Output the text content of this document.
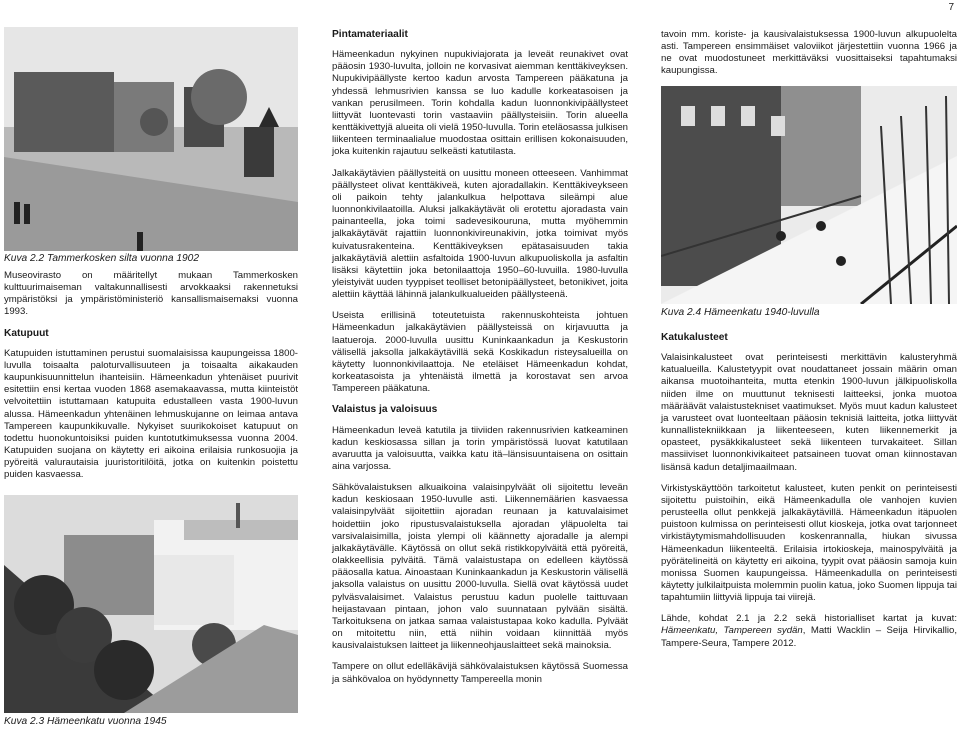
7
Kuva 2.2 Tammerkosken silta vuonna 1902

Museovirasto on määritellyt mukaan Tammerkosken kulttuurimaiseman valtakunnallisesti arvokkaaksi rakennetuksi ympäristöksi ja ympäristöministeriö kansallismaisemaksi vuonna 1993.

Katupuut

Katupuiden istuttaminen perustui suomalaisissa kaupungeissa 1800-luvulla toisaalta paloturvallisuuteen ja toisaalta aikakauden kaupunkisuunnittelun ihanteisiin. Hämeenkadun yhtenäiset puurivit esitettiin ensi kertaa vuoden 1868 asemakaavassa, mutta kiinteistöt velvoitettiin istuttamaan katupuita edustalleen vasta 1900-luvun alussa. Hämeenkadun yhtenäinen lehmuskujanne on leimaa antava Tampereen kaupunkikuvalle. Nykyiset suurikokoiset katupuut on todettu huonokuntoisiksi puiden kuntotutkimuksessa vuonna 2004. Katupuiden suojana on käytetty eri aikoina erilaisia runkosuojia ja pyöreitä valurautaisia juuristoritilöitä, jotka on kuitenkin poistettu puiden kasvaessa.

Kuva 2.3 Hämeenkatu vuonna 1945
Pintamateriaalit

Hämeenkadun nykyinen nupukiviajorata ja leveät reunakivet ovat pääosin 1930-luvulta, jolloin ne korvasivat aiemman kenttäkiveyksen. Nupukivipäällyste kertoo kadun arvosta Tampereen pääkatuna ja yhdessä lehmusrivien kanssa se luo kadulle korkeatasoisen ja vankan perusilmeen. Torin kohdalla kadun luonnonkivipäällysteet liittyvät luontevasti torin vastaaviin päällysteisiin. Torin alueella kenttäkivettyjä alueita oli vielä 1950-luvulla. Torin eteläosassa julkisen liikenteen terminaalialue muodostaa osittain erillisen kokonaisuuden, joka kuitenkin rajautuu selkeästi katutilasta.

Jalkakäytävien päällysteitä on uusittu moneen otteeseen. Vanhimmat päällysteet olivat kenttäkiveä, kuten ajoradallakin. Kenttäkiveykseen oli paikoin tehty jalankulkua helpottava sileämpi alue luonnonkivilaatoilla. Aluksi jalkakäytävät oli erotettu ajoradasta vain painanteella, joka toimi sadevesikouruna, mutta myöhemmin jalkakäytävät rajattiin luonnonkivireunakivin, jotka toimivat myös kuivatusrakenteina. Kenttäkiveyksen epätasaisuuden takia jalkakäytäviä alettiin asfaltoida 1900-luvun alkupuoliskolla ja asfaltin lisäksi käytettiin joka betonilaattoja 1950–60-luvuilla. 1980-luvulla yleistyivät uuden tyyppiset teolliset betonipäällysteet, betonikivet, joita alettiin käyttää lähinnä jalankulkualueiden päällysteenä.

Useista erillisinä toteutetuista rakennuskohteista johtuen Hämeenkadun jalkakäytävien päällysteissä on kirjavuutta ja laatueroja. 2000-luvulla uusittu Kuninkaankadun ja Keskustorin välisellä jaksolla jalkakäytävillä sekä Koskikadun risteysalueilla on käytetty luonnonkivilaattoja. Ne eteläiset Hämeenkadun kohdat, korkeatasoista ja yhtenäistä ilmettä ja korostavat sen arvoa Tampereen pääkatuna.

Valaistus ja valoisuus

Hämeenkadun leveä katutila ja tiiviiden rakennusrivien katkeaminen kadun keskiosassa sillan ja torin ympäristössä luovat katutilaan avaruutta ja valoisuutta, vaikka katu itä–länsisuuntaisena on osittain aina varjossa.

Sähkövalaistuksen alkuaikoina valaisinpylväät oli sijoitettu leveän kadun keskiosaan 1950-luvulle asti. Liikennemäärien kasvaessa valaisinpylväät sijoitettiin ajoradan reunaan ja katuvalaisimet hoidettiin joko ripustusvalaistuksella ajoradan yläpuolelta tai varsivalaisimilla, joista ylempi oli käännetty ajoradalle ja alempi jalkakäytävälle. Käytössä on ollut sekä ristikkopylväitä että pyöreitä, olakkeellisia pylväitä. Tämä valaistustapa on edelleen käytössä pääosalla katua. Ainoastaan Kuninkaankadun ja Keskustorin välisellä jaksolla valaistus on uusittu 2000-luvulla. Siellä ovat käytössä uudet pylväsvalaisimet. Valaistus perustuu kadun puolelle taittuvaan heijastavaan pintaan, johon valo suunnataan pylvään sisältä. Tarkoituksena on jatkaa samaa valaistustapaa koko kadulla. Pylväät on mitoitettu niin, että niihin voidaan kiinnittää myös kausivalaistuksen laitteet ja liikenneohjauslaitteet sekä mainoksia.

Tampere on ollut edelläkävijä sähkövalaistuksen käytössä Suomessa ja sähkövaloa on hyödynnetty Tampereella monin

tavoin mm. koriste- ja kausivalaistuksessa 1900-luvun alkupuolelta asti. Tampereen ensimmäiset valoviikot järjestettiin vuonna 1966 ja ne ovat muodostuneet merkittäväksi vuosittaiseksi tapahtumaksi kaupungissa.

Kuva 2.4 Hämeenkatu 1940-luvulla
Katukalusteet

Valaisinkalusteet ovat perinteisesti merkittävin kalusteryhmä katualueilla. Kalustetyypit ovat noudattaneet jossain määrin oman aikansa muotoihanteita, mutta etenkin 1900-luvun jälkipuoliskolla niiden ilme on muuttunut teknisesti laitteeksi, jonka muotoa määräävät valaistustekniset vaatimukset. Myös muut kadun kalusteet ja varusteet ovat luonteeltaan pääosin teknisiä laitteita, jotka liittyvät kunnallistekniikkaan ja liikenteeseen, kuten liikennemerkit ja opasteet, pysäkkikalusteet sekä liikenteen turvakaiteet. Sillan massiiviset luonnonkivikaiteet patsaineen tuovat oman kiinnostavan lisänsä kadun detaljimaailmaan.

Virkistyskäyttöön tarkoitetut kalusteet, kuten penkit on perinteisesti sijoitettu puistoihin, eikä Hämeenkadulla ole vanhojen kuvien perusteella ollut penkkejä jalkakäytävillä. Hämeenkadun itäpuolen puistoon kulmissa on perinteisesti ollut kioskeja, jotka ovat tarjonneet virkistäytymismahdollisuuden koskenrannalla, hiukan sivussa Hämeenkadun liikenteeltä. Erilaisia irtokioskeja, mainospylväitä ja pyörätelineitä on käytetty eri aikoina, tyypit ovat pääosin samoja kuin monissa Suomen kaupungeissa. Hämeenkadulla on perinteisesti käytetty julkilaitpuista molemmin puolin katua, joko Suomen lippuja tai tapahtumiin liittyviä lippuja tai viirejä.

Lähde, kohdat 2.1 ja 2.2 sekä historialliset kartat ja kuvat: Hämeenkatu, Tampereen sydän, Matti Wacklin – Seija Hirvikallio, Tampere-Seura, Tampere 2012.
